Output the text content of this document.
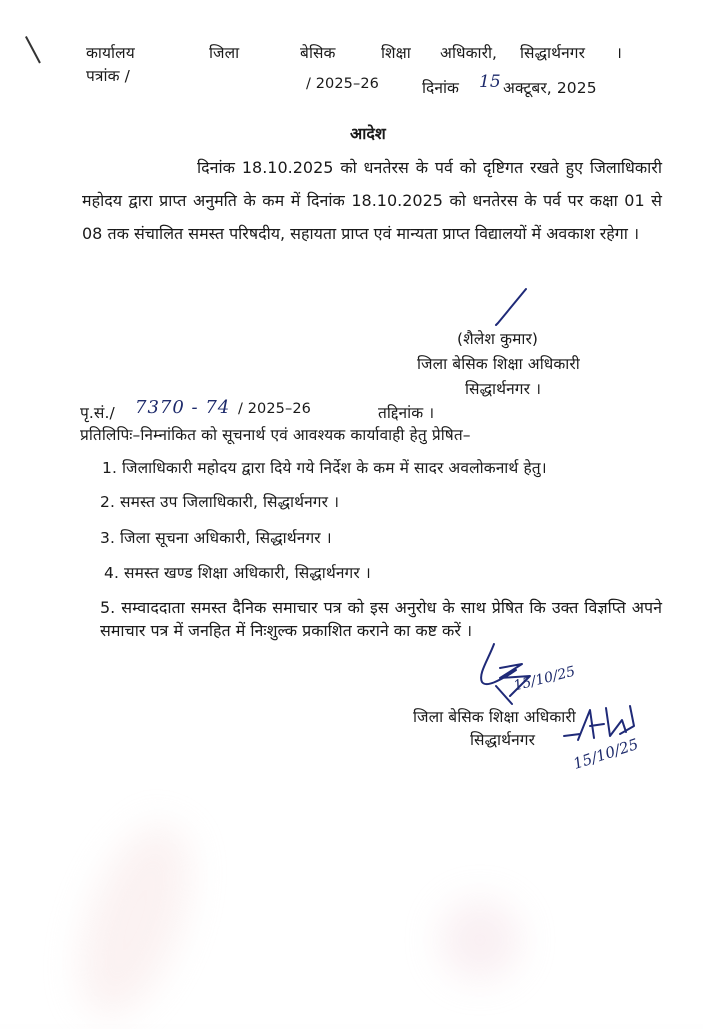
कार्यालय	जिला	बेसिक	शिक्षा अधिकारी, सिद्धार्थनगर ।
पत्रांक /	/ 2025–26	दिनांक 15 अक्टूबर, 2025
आदेश
दिनांक 18.10.2025 को धनतेरस के पर्व को दृष्टिगत रखते हुए जिलाधिकारी महोदय द्वारा प्राप्त अनुमति के कम में दिनांक 18.10.2025 को धनतेरस के पर्व पर कक्षा 01 से 08 तक संचालित समस्त परिषदीय, सहायता प्राप्त एवं मान्यता प्राप्त विद्यालयों में अवकाश रहेगा ।
(शैलेश कुमार)
जिला बेसिक शिक्षा अधिकारी
सिद्धार्थनगर ।
पृ.सं./ 7370 - 74 / 2025–26	तद्दिनांक ।
प्रतिलिपिः–निम्नांकित को सूचनार्थ एवं आवश्यक कार्यावाही हेतु प्रेषित–
1. जिलाधिकारी महोदय द्वारा दिये गये निर्देश के कम में सादर अवलोकनार्थ हेतु।
2. समस्त उप जिलाधिकारी, सिद्धार्थनगर ।
3. जिला सूचना अधिकारी, सिद्धार्थनगर ।
4. समस्त खण्ड शिक्षा अधिकारी, सिद्धार्थनगर ।
5. सम्वाददाता समस्त दैनिक समाचार पत्र को इस अनुरोध के साथ प्रेषित कि उक्त विज्ञप्ति अपने समाचार पत्र में जनहित में निःशुल्क प्रकाशित कराने का कष्ट करें ।
15/10/25
जिला बेसिक शिक्षा अधिकारी
सिद्धार्थनगर 15/10/25
